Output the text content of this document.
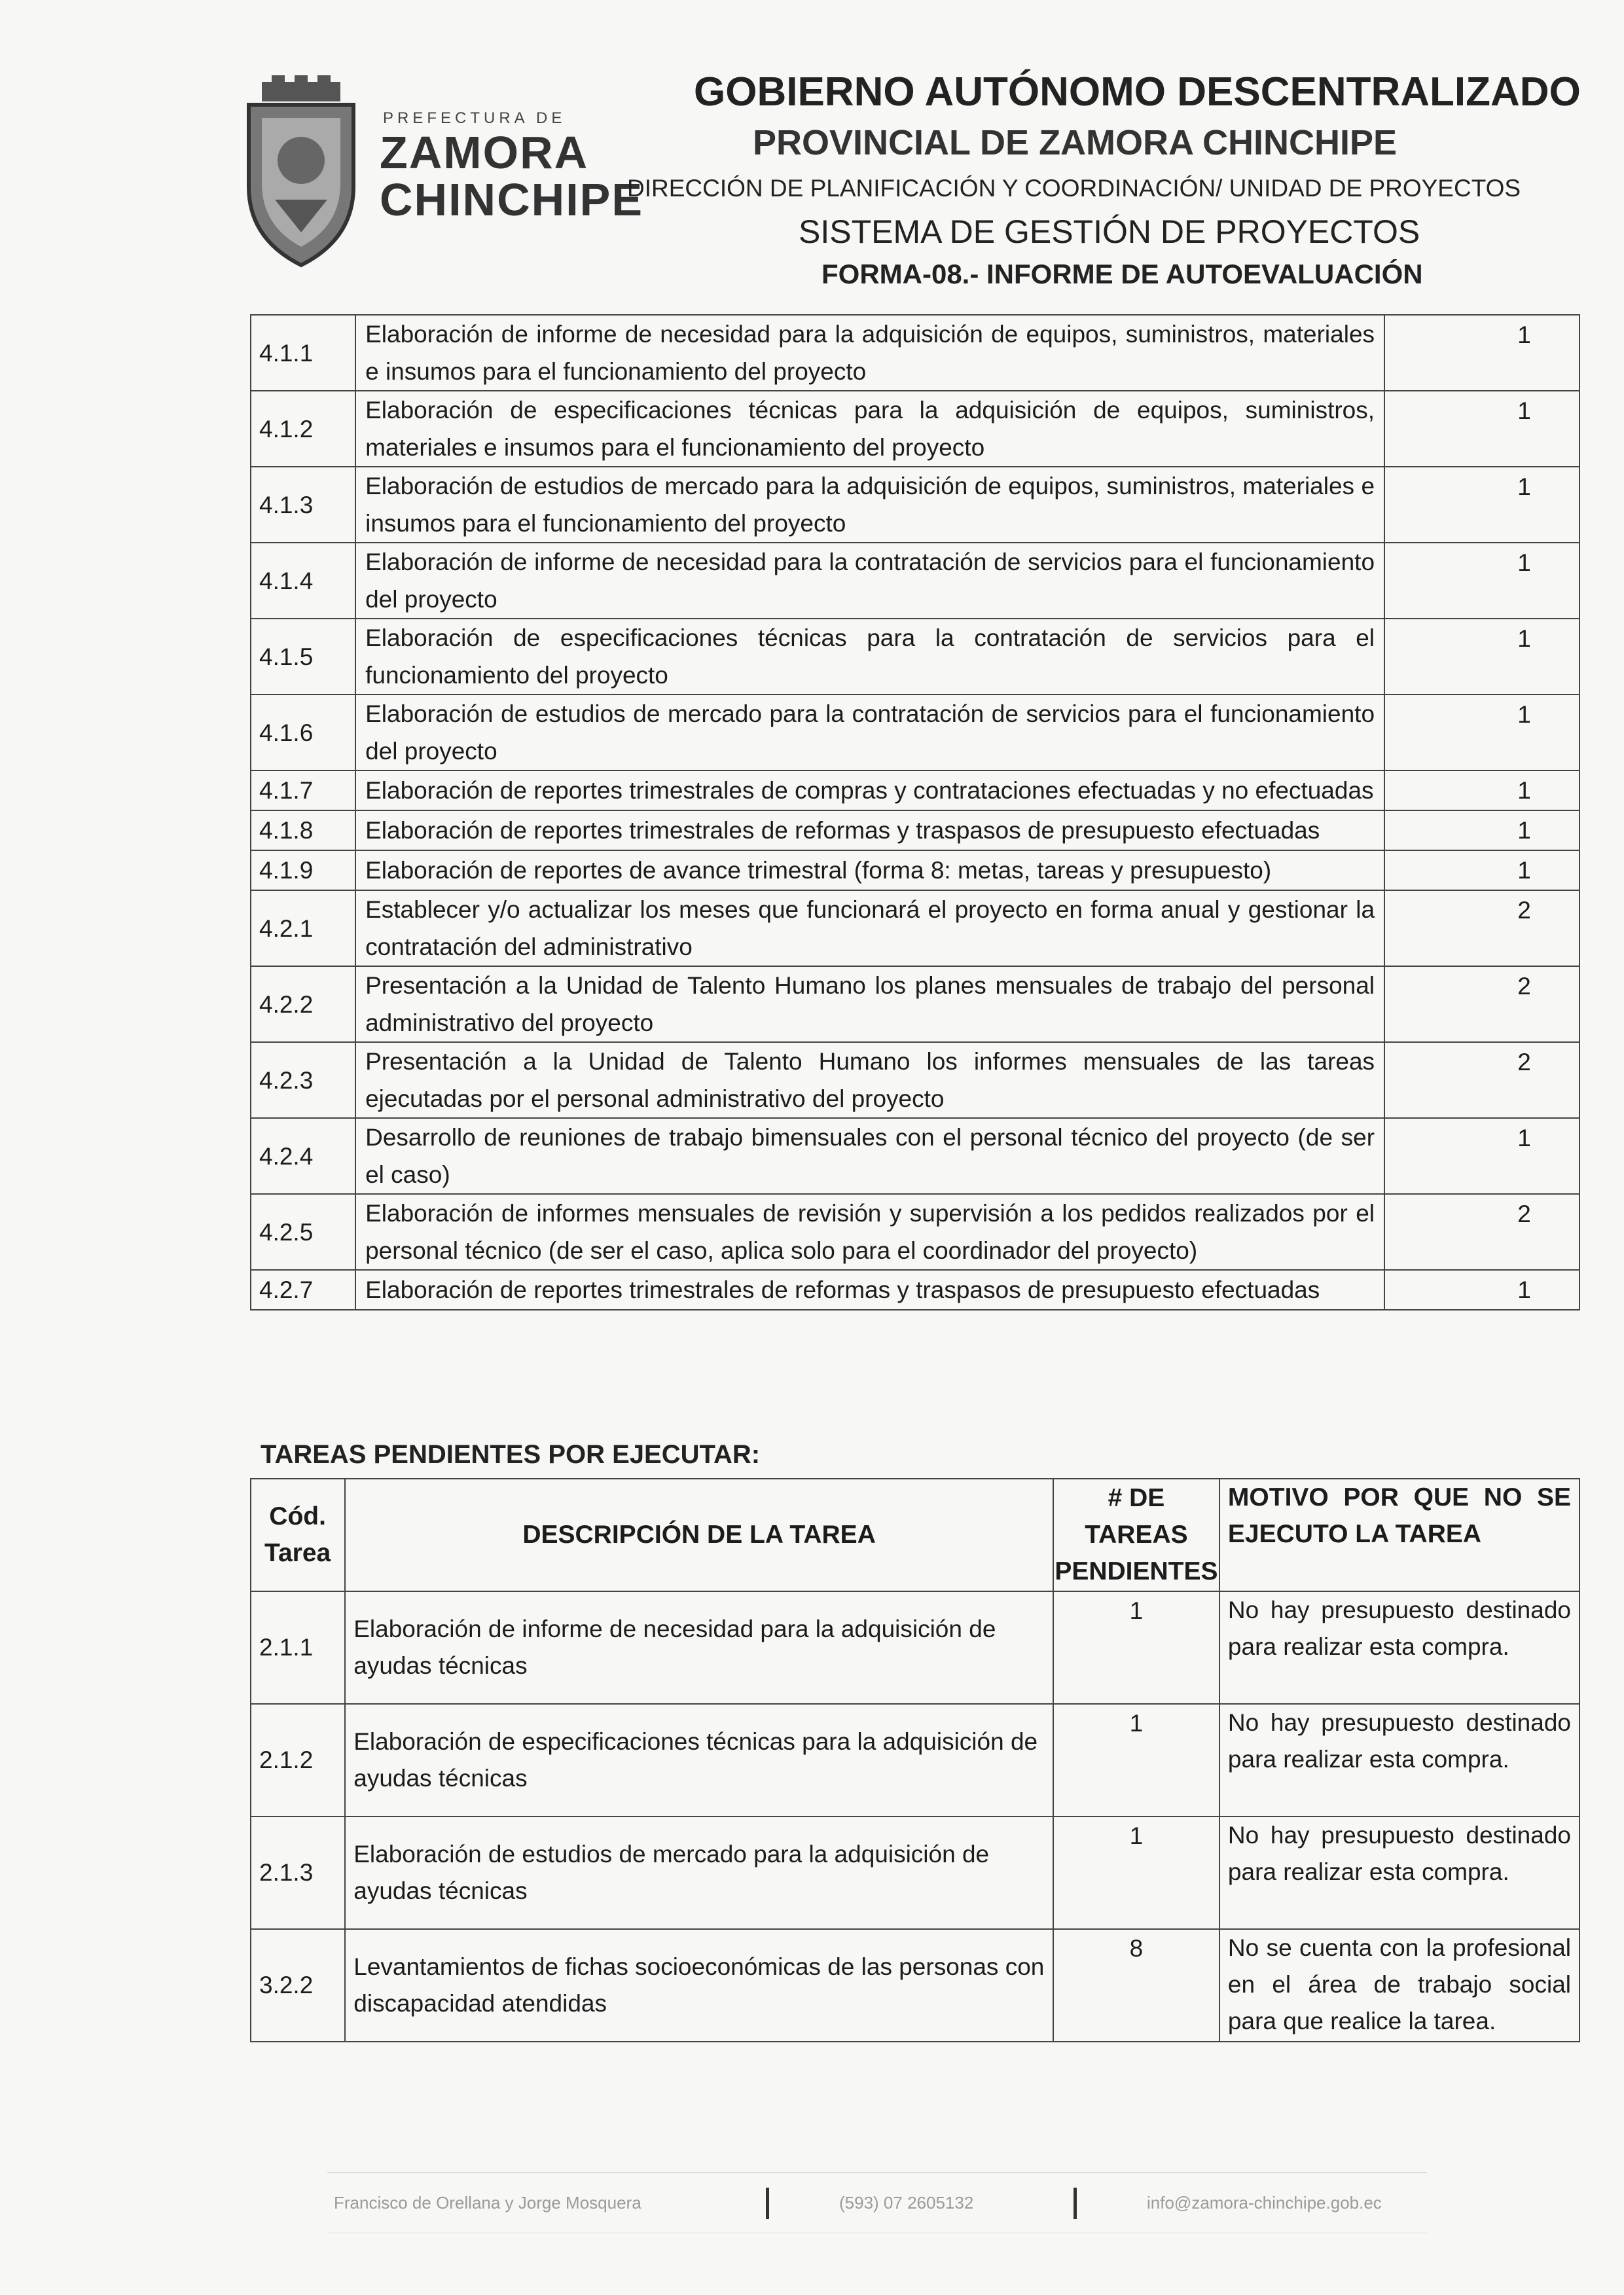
PREFECTURA DE
ZAMORA
CHINCHIPE
GOBIERNO AUTÓNOMO DESCENTRALIZADO
PROVINCIAL DE ZAMORA CHINCHIPE
DIRECCIÓN DE PLANIFICACIÓN Y COORDINACIÓN/ UNIDAD DE PROYECTOS
SISTEMA DE GESTIÓN DE PROYECTOS
FORMA-08.- INFORME DE AUTOEVALUACIÓN
4.1.1	Elaboración de informe de necesidad para la adquisición de equipos, suministros, materiales e insumos para el funcionamiento del proyecto	1
4.1.2	Elaboración de especificaciones técnicas para la adquisición de equipos, suministros, materiales e insumos para el funcionamiento del proyecto	1
4.1.3	Elaboración de estudios de mercado para la adquisición de equipos, suministros, materiales e insumos para el funcionamiento del proyecto	1
4.1.4	Elaboración de informe de necesidad para la contratación de servicios para el funcionamiento del proyecto	1
4.1.5	Elaboración de especificaciones técnicas para la contratación de servicios para el funcionamiento del proyecto	1
4.1.6	Elaboración de estudios de mercado para la contratación de servicios para el funcionamiento del proyecto	1
4.1.7	Elaboración de reportes trimestrales de compras y contrataciones efectuadas y no efectuadas	1
4.1.8	Elaboración de reportes trimestrales de reformas y traspasos de presupuesto efectuadas	1
4.1.9	Elaboración de reportes de avance trimestral (forma 8: metas, tareas y presupuesto)	1
4.2.1	Establecer y/o actualizar los meses que funcionará el proyecto en forma anual y gestionar la contratación del administrativo	2
4.2.2	Presentación a la Unidad de Talento Humano los planes mensuales de trabajo del personal administrativo del proyecto	2
4.2.3	Presentación a la Unidad de Talento Humano los informes mensuales de las tareas ejecutadas por el personal administrativo del proyecto	2
4.2.4	Desarrollo de reuniones de trabajo bimensuales con el personal técnico del proyecto (de ser el caso)	1
4.2.5	Elaboración de informes mensuales de revisión y supervisión a los pedidos realizados por el personal técnico (de ser el caso, aplica solo para el coordinador del proyecto)	2
4.2.7	Elaboración de reportes trimestrales de reformas y traspasos de presupuesto efectuadas	1
TAREAS PENDIENTES POR EJECUTAR:
Cód. Tarea	DESCRIPCIÓN DE LA TAREA	# DE TAREAS PENDIENTES	MOTIVO POR QUE NO SE EJECUTO LA TAREA
2.1.1	Elaboración de informe de necesidad para la adquisición de ayudas técnicas	1	No hay presupuesto destinado para realizar esta compra.
2.1.2	Elaboración de especificaciones técnicas para la adquisición de ayudas técnicas	1	No hay presupuesto destinado para realizar esta compra.
2.1.3	Elaboración de estudios de mercado para la adquisición de ayudas técnicas	1	No hay presupuesto destinado para realizar esta compra.
3.2.2	Levantamientos de fichas socioeconómicas de las personas con discapacidad atendidas	8	No se cuenta con la profesional en el área de trabajo social para que realice la tarea.
Francisco de Orellana y Jorge Mosquera	(593) 07 2605132	info@zamora-chinchipe.gob.ec
